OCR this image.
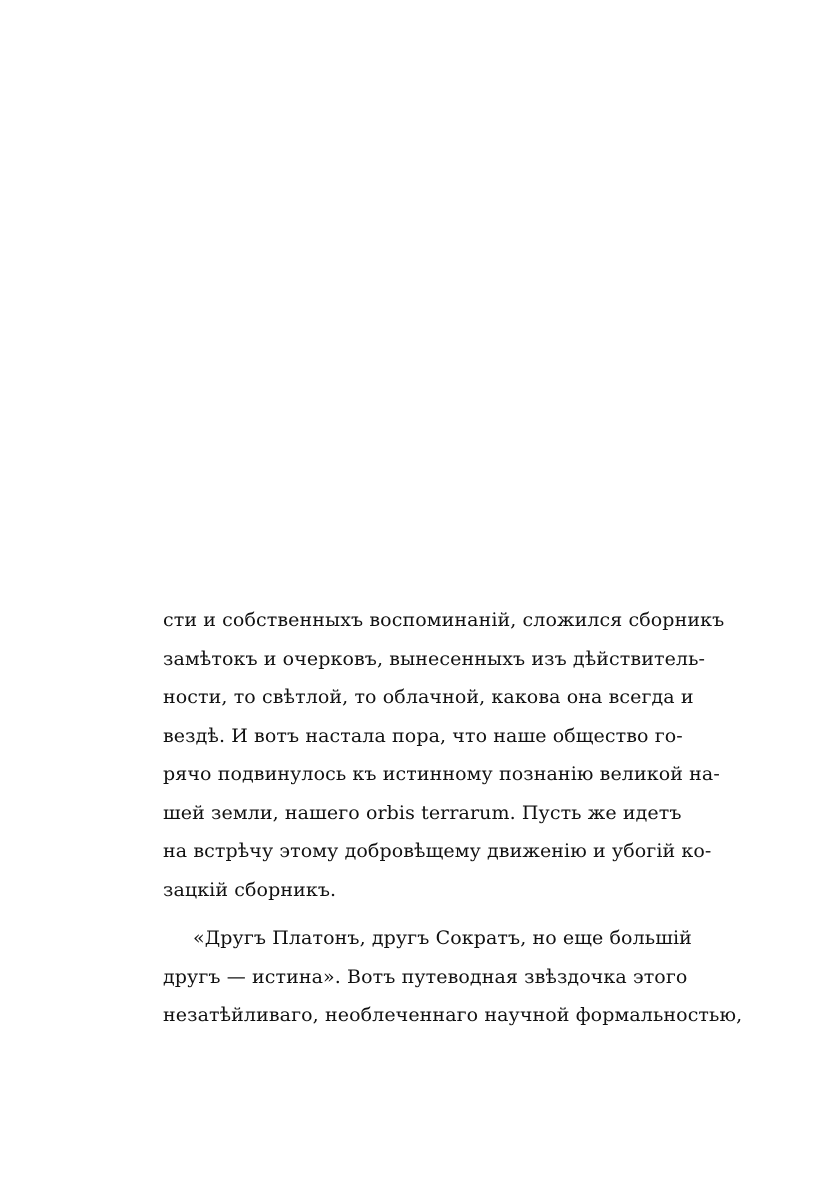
сти и собственныхъ воспоминаній, сложился сборникъ
замѣтокъ и очерковъ, вынесенныхъ изъ дѣйствитель-
ности, то свѣтлой, то облачной, какова она всегда и
вездѣ. И вотъ настала пора, что наше общество го-
рячо подвинулось къ истинному познанію великой на-
шей земли, нашего orbis terrarum. Пусть же идетъ
на встрѣчу этому добровѣщему движенію и убогій ко-
зацкій сборникъ.
«Другъ Платонъ, другъ Сократъ, но еще большій
другъ — истина». Вотъ путеводная звѣздочка этого
незатѣйливаго, необлеченнаго научной формальностью,
